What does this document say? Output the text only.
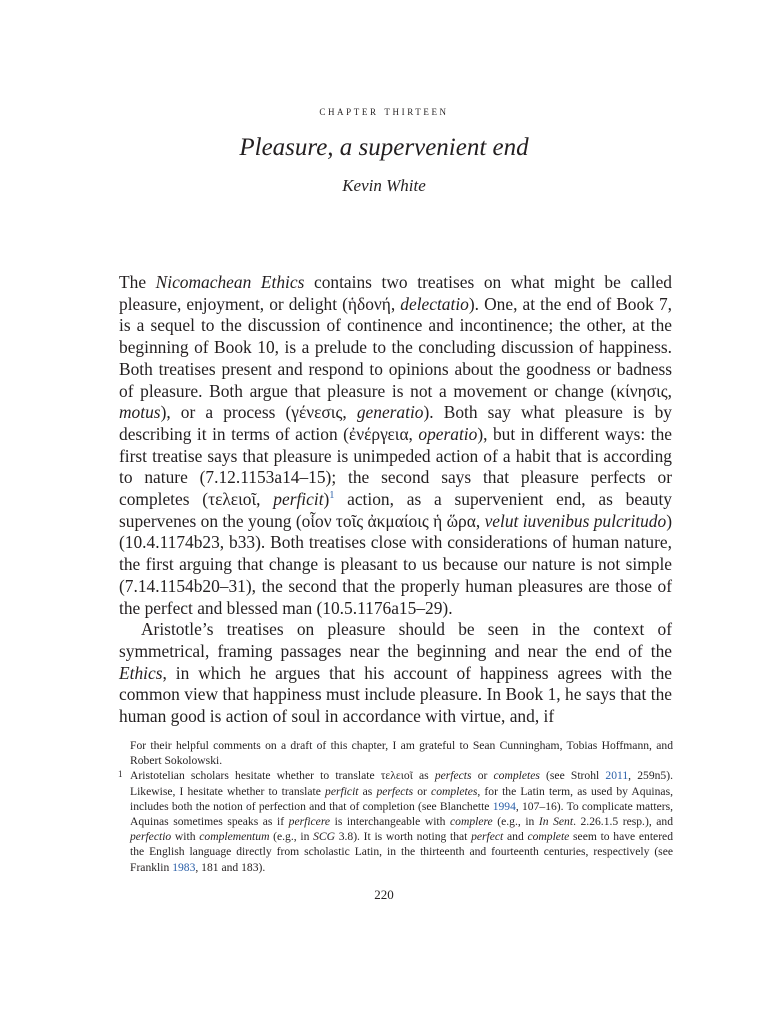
chapter thirteen
Pleasure, a supervenient end
Kevin White

The Nicomachean Ethics contains two treatises on what might be called pleasure, enjoyment, or delight (ἡδονή, delectatio). One, at the end of Book 7, is a sequel to the discussion of continence and incontinence; the other, at the beginning of Book 10, is a prelude to the concluding discussion of happiness. Both treatises present and respond to opinions about the goodness or badness of pleasure. Both argue that pleasure is not a movement or change (κίνησις, motus), or a process (γένεσις, generatio). Both say what pleasure is by describing it in terms of action (ἐνέργεια, operatio), but in different ways: the first treatise says that pleasure is unimpeded action of a habit that is according to nature (7.12.1153a14–15); the second says that pleasure perfects or completes (τελειοῖ, perficit)$^1$ action, as a supervenient end, as beauty supervenes on the young (οἷον τοῖς ἀκμαίοις ἡ ὥρα, velut iuvenibus pulcritudo) (10.4.1174b23, b33). Both treatises close with considerations of human nature, the first arguing that change is pleasant to us because our nature is not simple (7.14.1154b20–31), the second that the properly human pleasures are those of the perfect and blessed man (10.5.1176a15–29).

Aristotle’s treatises on pleasure should be seen in the context of symmetrical, framing passages near the beginning and near the end of the Ethics, in which he argues that his account of happiness agrees with the common view that happiness must include pleasure. In Book 1, he says that the human good is action of soul in accordance with virtue, and, if

For their helpful comments on a draft of this chapter, I am grateful to Sean Cunningham, Tobias Hoffmann, and Robert Sokolowski.

1 Aristotelian scholars hesitate whether to translate τελειοῖ as perfects or completes (see Strohl 2011, 259n5). Likewise, I hesitate whether to translate perficit as perfects or completes, for the Latin term, as used by Aquinas, includes both the notion of perfection and that of completion (see Blanchette 1994, 107–16). To complicate matters, Aquinas sometimes speaks as if perficere is interchangeable with complere (e.g., in In Sent. 2.26.1.5 resp.), and perfectio with complementum (e.g., in SCG 3.8). It is worth noting that perfect and complete seem to have entered the English language directly from scholastic Latin, in the thirteenth and fourteenth centuries, respectively (see Franklin 1983, 181 and 183).

220
